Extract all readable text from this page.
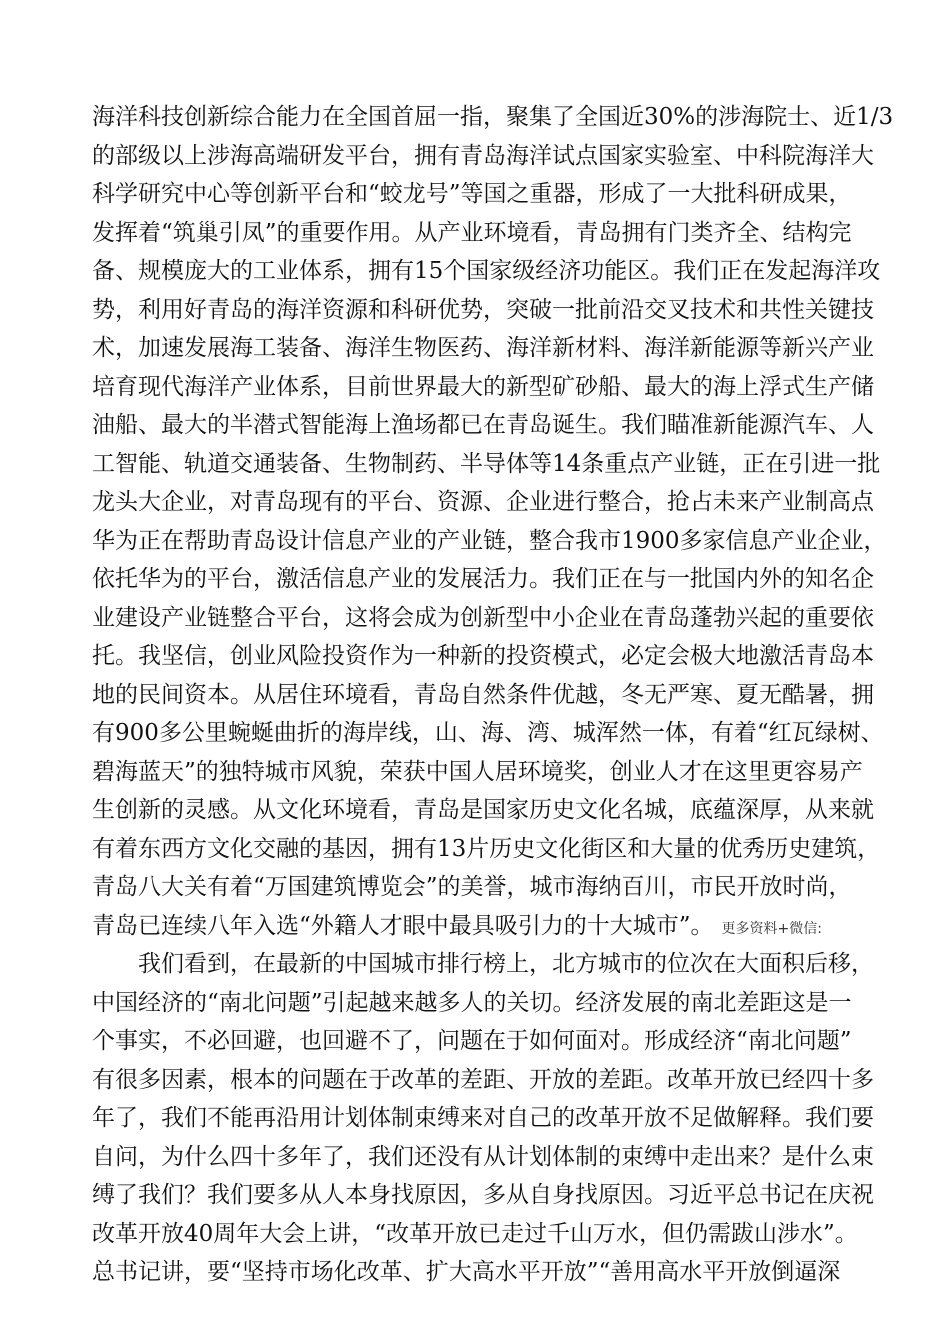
海洋科技创新综合能力在全国首屈一指，聚集了全国近30%的涉海院士、近1/3
的部级以上涉海高端研发平台，拥有青岛海洋试点国家实验室、中科院海洋大
科学研究中心等创新平台和“蛟龙号”等国之重器，形成了一大批科研成果，
发挥着“筑巢引凤”的重要作用。从产业环境看，青岛拥有门类齐全、结构完
备、规模庞大的工业体系，拥有15个国家级经济功能区。我们正在发起海洋攻
势，利用好青岛的海洋资源和科研优势，突破一批前沿交叉技术和共性关键技
术，加速发展海工装备、海洋生物医药、海洋新材料、海洋新能源等新兴产业
培育现代海洋产业体系，目前世界最大的新型矿砂船、最大的海上浮式生产储
油船、最大的半潜式智能海上渔场都已在青岛诞生。我们瞄准新能源汽车、人
工智能、轨道交通装备、生物制药、半导体等14条重点产业链，正在引进一批
龙头大企业，对青岛现有的平台、资源、企业进行整合，抢占未来产业制高点
华为正在帮助青岛设计信息产业的产业链，整合我市1900多家信息产业企业，
依托华为的平台，激活信息产业的发展活力。我们正在与一批国内外的知名企
业建设产业链整合平台，这将会成为创新型中小企业在青岛蓬勃兴起的重要依
托。我坚信，创业风险投资作为一种新的投资模式，必定会极大地激活青岛本
地的民间资本。从居住环境看，青岛自然条件优越，冬无严寒、夏无酷暑，拥
有900多公里蜿蜒曲折的海岸线，山、海、湾、城浑然一体，有着“红瓦绿树、
碧海蓝天”的独特城市风貌，荣获中国人居环境奖，创业人才在这里更容易产
生创新的灵感。从文化环境看，青岛是国家历史文化名城，底蕴深厚，从来就
有着东西方文化交融的基因，拥有13片历史文化街区和大量的优秀历史建筑，
青岛八大关有着“万国建筑博览会”的美誉，城市海纳百川，市民开放时尚，
青岛已连续八年入选“外籍人才眼中最具吸引力的十大城市”。 更多资料+微信:
我们看到，在最新的中国城市排行榜上，北方城市的位次在大面积后移，
中国经济的“南北问题”引起越来越多人的关切。经济发展的南北差距这是一
个事实，不必回避，也回避不了，问题在于如何面对。形成经济“南北问题”
有很多因素，根本的问题在于改革的差距、开放的差距。改革开放已经四十多
年了，我们不能再沿用计划体制束缚来对自己的改革开放不足做解释。我们要
自问，为什么四十多年了，我们还没有从计划体制的束缚中走出来？是什么束
缚了我们？我们要多从人本身找原因，多从自身找原因。习近平总书记在庆祝
改革开放40周年大会上讲，“改革开放已走过千山万水，但仍需跋山涉水”。
总书记讲，要“坚持市场化改革、扩大高水平开放”“善用高水平开放倒逼深
